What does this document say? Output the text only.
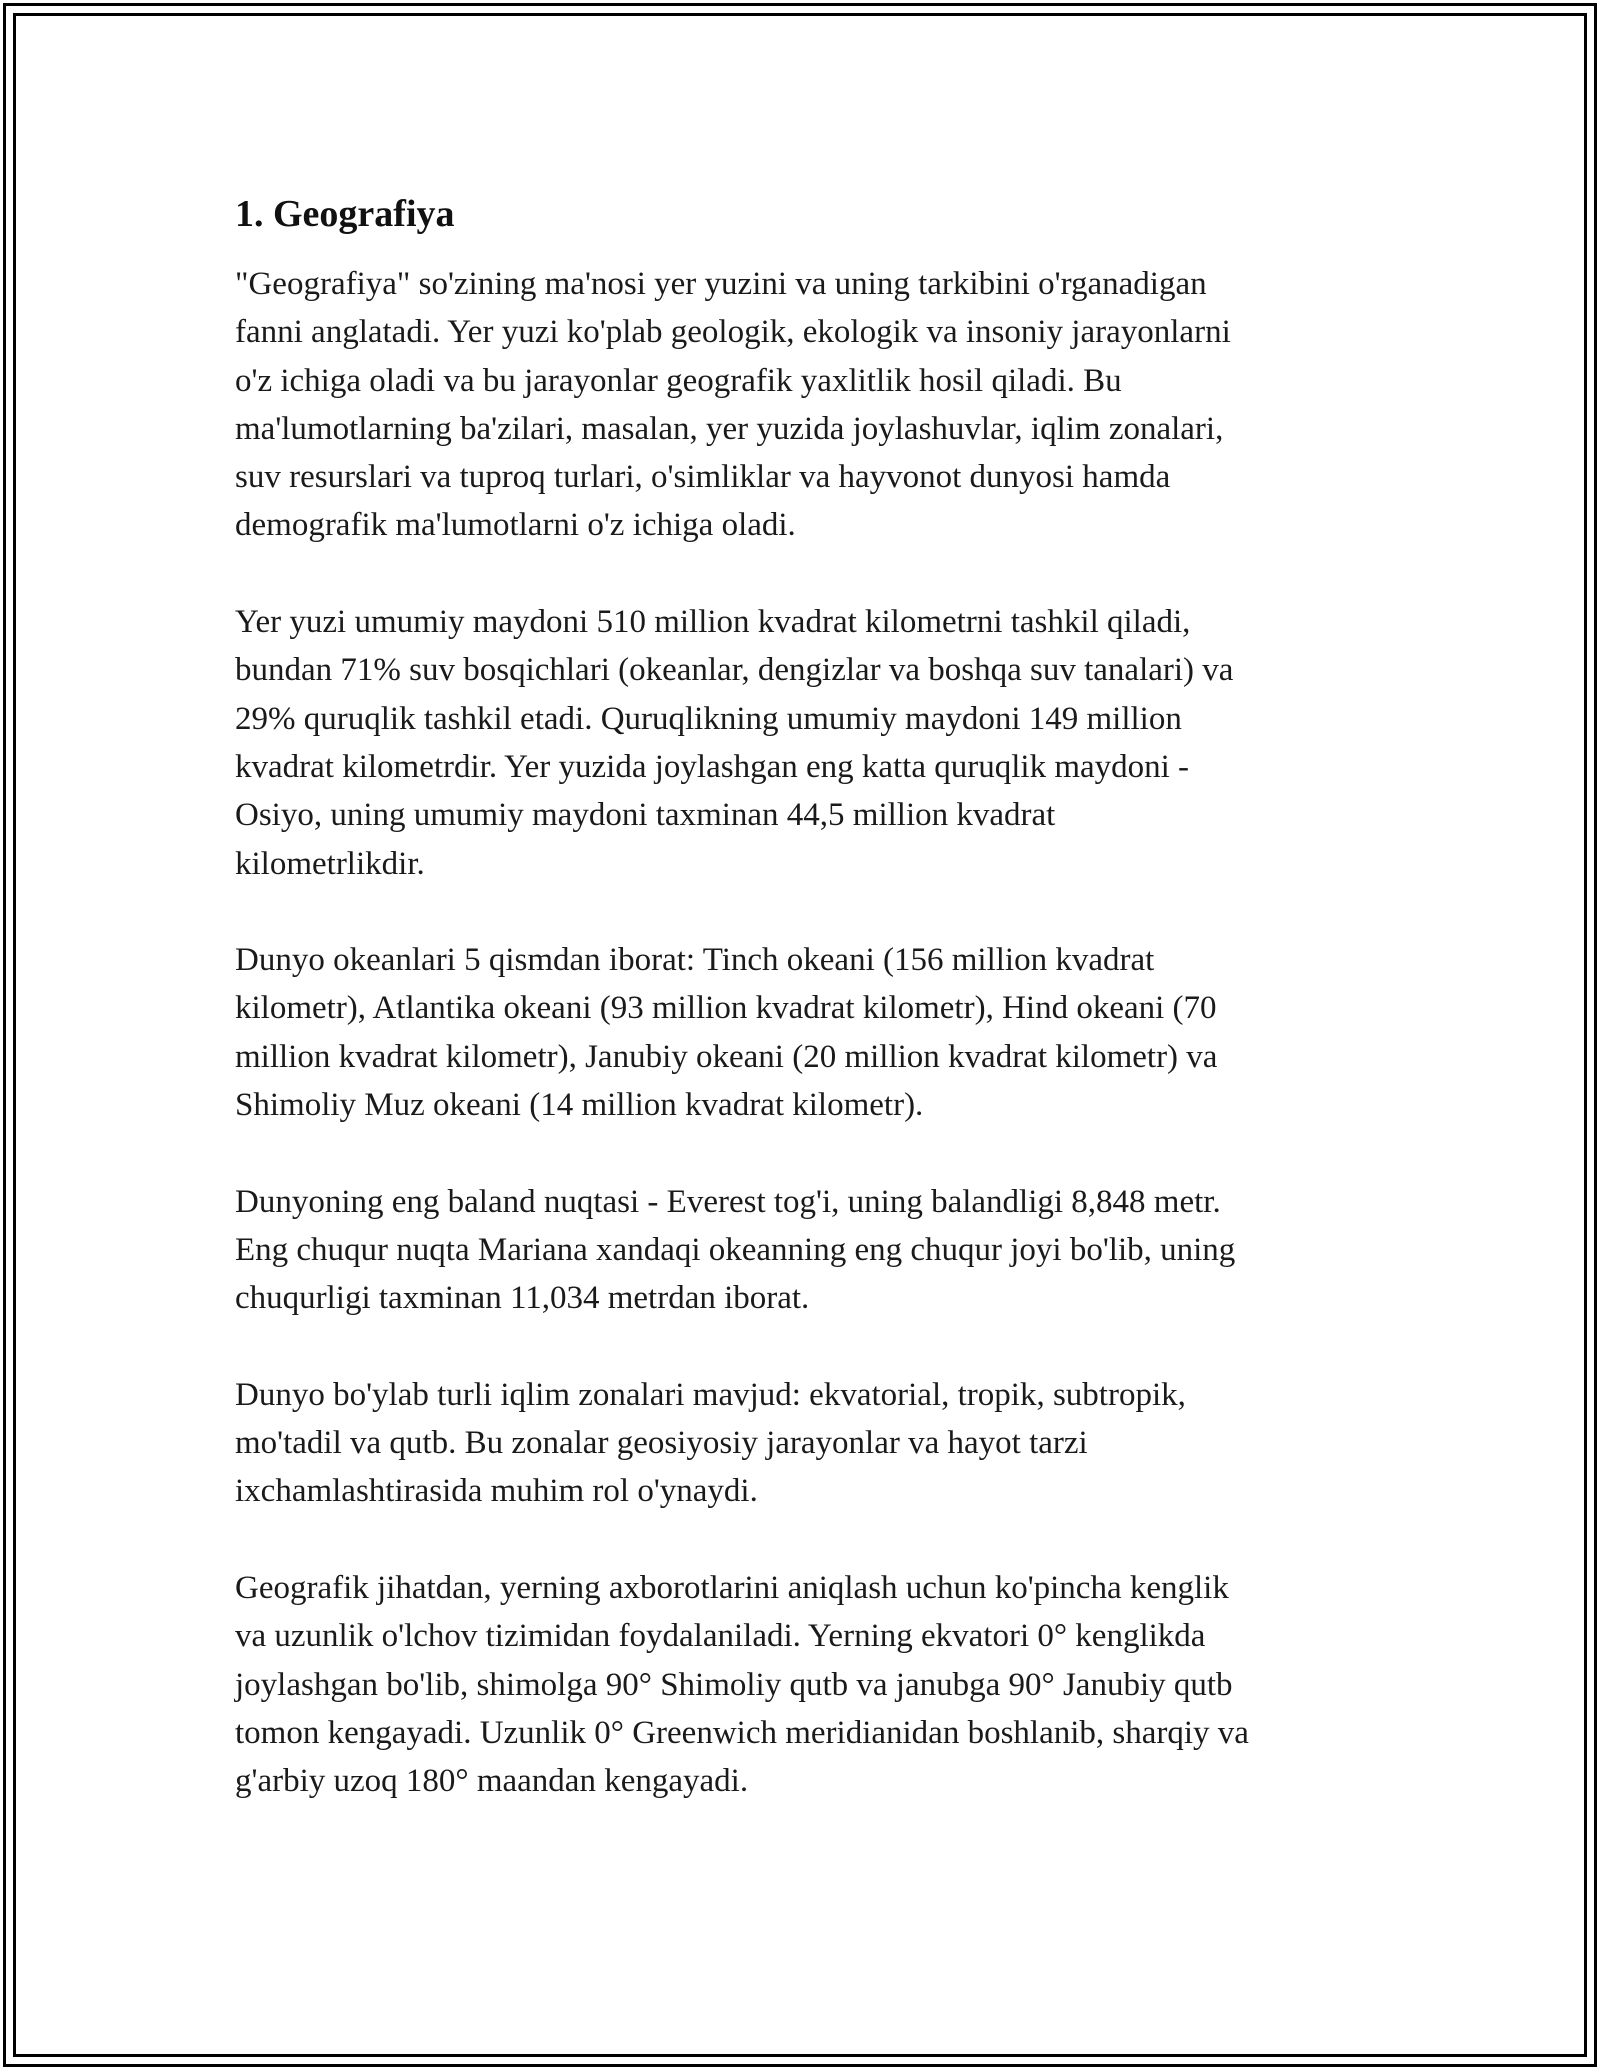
1. Geografiya

"Geografiya" so'zining ma'nosi yer yuzini va uning tarkibini o'rganadigan
fanni anglatadi. Yer yuzi ko'plab geologik, ekologik va insoniy jarayonlarni
o'z ichiga oladi va bu jarayonlar geografik yaxlitlik hosil qiladi. Bu
ma'lumotlarning ba'zilari, masalan, yer yuzida joylashuvlar, iqlim zonalari,
suv resurslari va tuproq turlari, o'simliklar va hayvonot dunyosi hamda
demografik ma'lumotlarni o'z ichiga oladi.

Yer yuzi umumiy maydoni 510 million kvadrat kilometrni tashkil qiladi,
bundan 71% suv bosqichlari (okeanlar, dengizlar va boshqa suv tanalari) va
29% quruqlik tashkil etadi. Quruqlikning umumiy maydoni 149 million
kvadrat kilometrdir. Yer yuzida joylashgan eng katta quruqlik maydoni -
Osiyo, uning umumiy maydoni taxminan 44,5 million kvadrat
kilometrlikdir.

Dunyo okeanlari 5 qismdan iborat: Tinch okeani (156 million kvadrat
kilometr), Atlantika okeani (93 million kvadrat kilometr), Hind okeani (70
million kvadrat kilometr), Janubiy okeani (20 million kvadrat kilometr) va
Shimoliy Muz okeani (14 million kvadrat kilometr).

Dunyoning eng baland nuqtasi - Everest tog'i, uning balandligi 8,848 metr.
Eng chuqur nuqta Mariana xandaqi okeanning eng chuqur joyi bo'lib, uning
chuqurligi taxminan 11,034 metrdan iborat.

Dunyo bo'ylab turli iqlim zonalari mavjud: ekvatorial, tropik, subtropik,
mo'tadil va qutb. Bu zonalar geosiyosiy jarayonlar va hayot tarzi
ixchamlashtirasida muhim rol o'ynaydi.

Geografik jihatdan, yerning axborotlarini aniqlash uchun ko'pincha kenglik
va uzunlik o'lchov tizimidan foydalaniladi. Yerning ekvatori 0° kenglikda
joylashgan bo'lib, shimolga 90° Shimoliy qutb va janubga 90° Janubiy qutb
tomon kengayadi. Uzunlik 0° Greenwich meridianidan boshlanib, sharqiy va
g'arbiy uzoq 180° maandan kengayadi.
